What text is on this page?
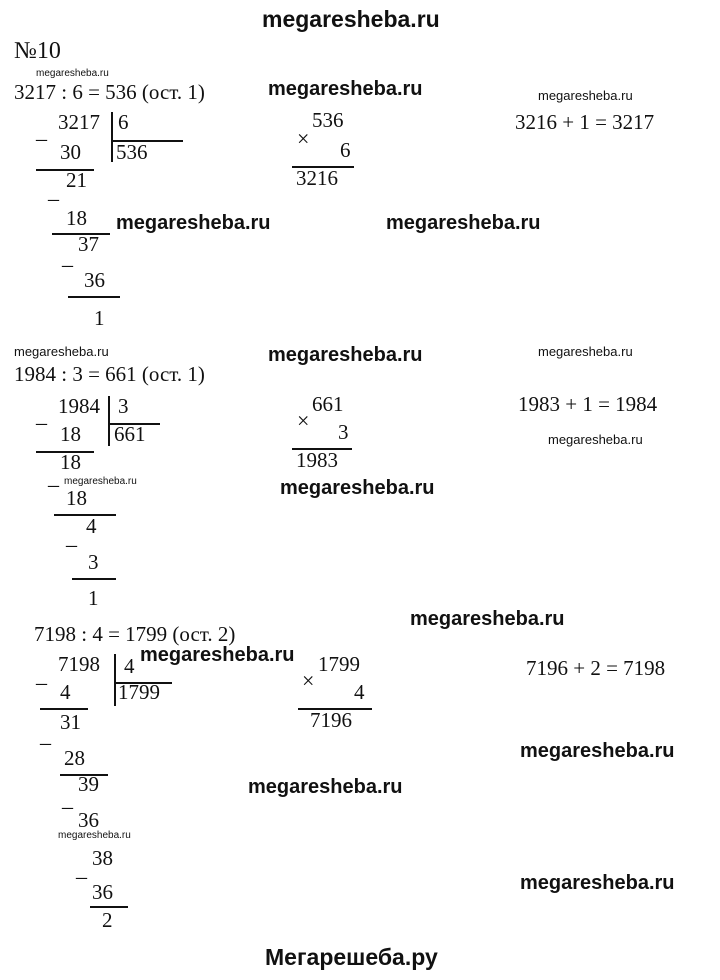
megaresheba.ru
Мегарешеба.ру
№10
megaresheba.ru
3217 : 6 = 536 (ост. 1)	megaresheba.ru	megaresheba.ru
3216 + 1 = 3217
_ 3217 6
536
30
21
_
18
37
_
36
1
536
× 6
3216
megaresheba.ru	megaresheba.ru
megaresheba.ru	megaresheba.ru	megaresheba.ru
1984 : 3 = 661 (ост. 1)
1983 + 1 = 1984
megaresheba.ru
_ 1984 3
661
18
18
megaresheba.ru
_
18
4
_
3
1
661
× 3
1983
megaresheba.ru
megaresheba.ru
7198 : 4 = 1799 (ост. 2)
megaresheba.ru
7196 + 2 = 7198
_ 7198 4
1799
4
31
_
28
39
_
36
megaresheba.ru
38
_
36
2
1799
× 4
7196
megaresheba.ru
megaresheba.ru
megaresheba.ru
